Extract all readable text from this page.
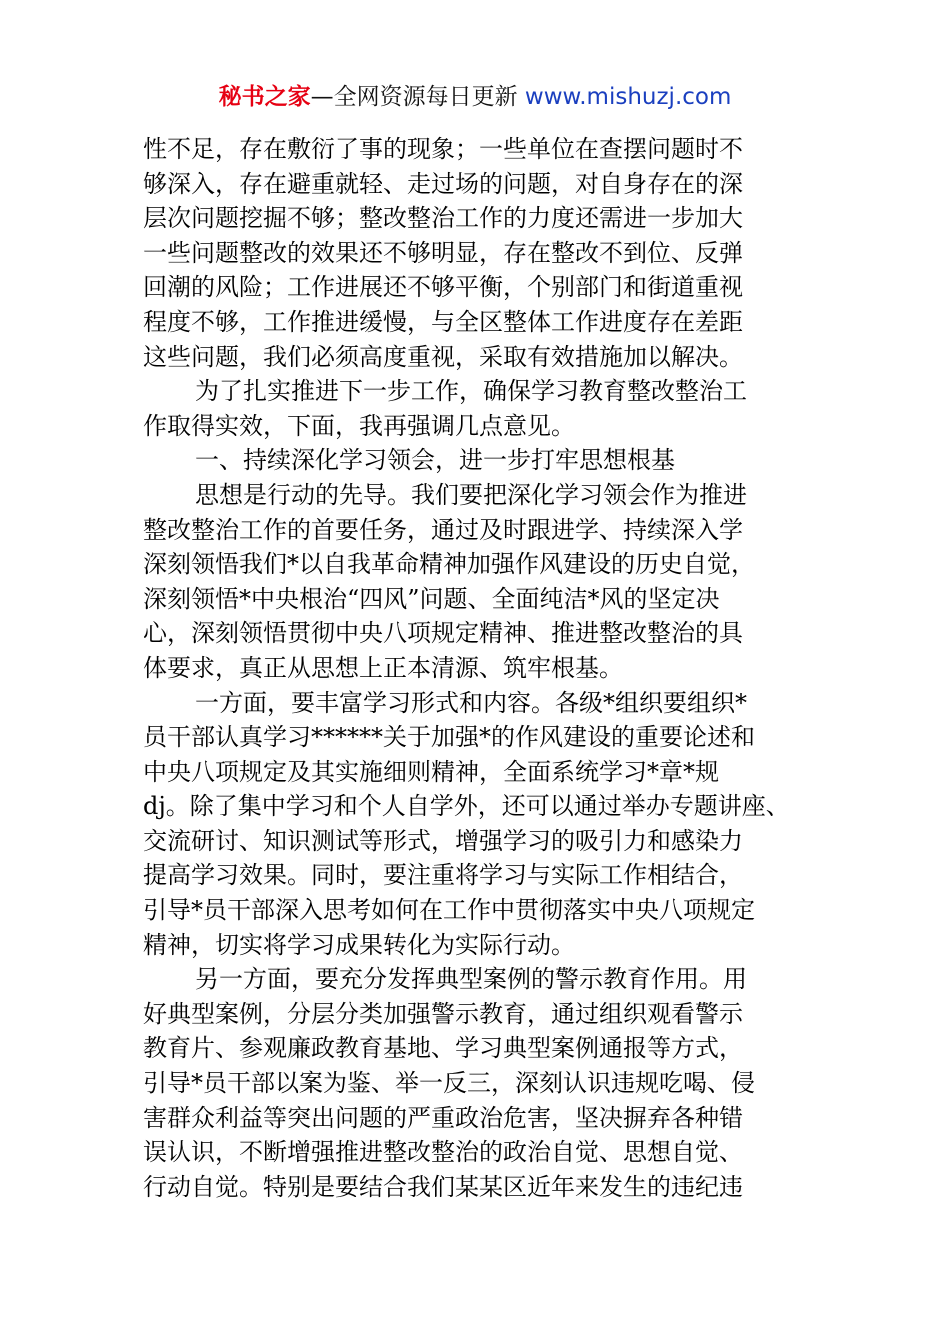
秘书之家—全网资源每日更新 www.mishuzj.com
性不足，存在敷衍了事的现象；一些单位在查摆问题时不
够深入，存在避重就轻、走过场的问题，对自身存在的深
层次问题挖掘不够；整改整治工作的力度还需进一步加大
一些问题整改的效果还不够明显，存在整改不到位、反弹
回潮的风险；工作进展还不够平衡，个别部门和街道重视
程度不够，工作推进缓慢，与全区整体工作进度存在差距
这些问题，我们必须高度重视，采取有效措施加以解决。
为了扎实推进下一步工作，确保学习教育整改整治工
作取得实效，下面，我再强调几点意见。
一、持续深化学习领会，进一步打牢思想根基
思想是行动的先导。我们要把深化学习领会作为推进
整改整治工作的首要任务，通过及时跟进学、持续深入学
深刻领悟我们*以自我革命精神加强作风建设的历史自觉，
深刻领悟*中央根治“四风”问题、全面纯洁*风的坚定决
心，深刻领悟贯彻中央八项规定精神、推进整改整治的具
体要求，真正从思想上正本清源、筑牢根基。
一方面，要丰富学习形式和内容。各级*组织要组织*
员干部认真学习******关于加强*的作风建设的重要论述和
中央八项规定及其实施细则精神，全面系统学习*章*规
dj。除了集中学习和个人自学外，还可以通过举办专题讲座、
交流研讨、知识测试等形式，增强学习的吸引力和感染力
提高学习效果。同时，要注重将学习与实际工作相结合，
引导*员干部深入思考如何在工作中贯彻落实中央八项规定
精神，切实将学习成果转化为实际行动。
另一方面，要充分发挥典型案例的警示教育作用。用
好典型案例，分层分类加强警示教育，通过组织观看警示
教育片、参观廉政教育基地、学习典型案例通报等方式，
引导*员干部以案为鉴、举一反三，深刻认识违规吃喝、侵
害群众利益等突出问题的严重政治危害，坚决摒弃各种错
误认识，不断增强推进整改整治的政治自觉、思想自觉、
行动自觉。特别是要结合我们某某区近年来发生的违纪违
